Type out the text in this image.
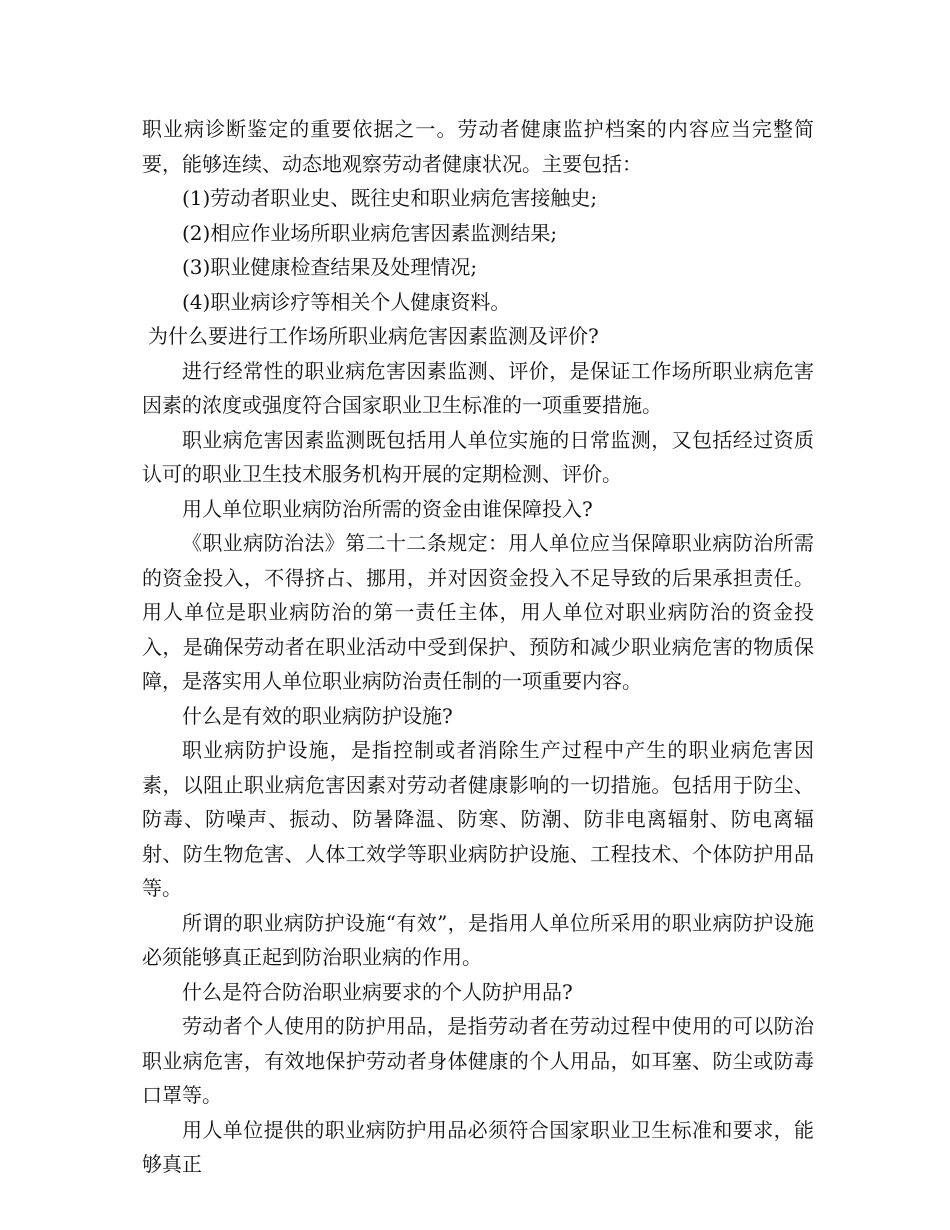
职业病诊断鉴定的重要依据之一。劳动者健康监护档案的内容应当完整简要，能够连续、动态地观察劳动者健康状况。主要包括：

(1)劳动者职业史、既往史和职业病危害接触史;

(2)相应作业场所职业病危害因素监测结果;

(3)职业健康检查结果及处理情况;

(4)职业病诊疗等相关个人健康资料。

为什么要进行工作场所职业病危害因素监测及评价?

进行经常性的职业病危害因素监测、评价，是保证工作场所职业病危害因素的浓度或强度符合国家职业卫生标准的一项重要措施。

职业病危害因素监测既包括用人单位实施的日常监测，又包括经过资质认可的职业卫生技术服务机构开展的定期检测、评价。

用人单位职业病防治所需的资金由谁保障投入?

《职业病防治法》第二十二条规定：用人单位应当保障职业病防治所需的资金投入，不得挤占、挪用，并对因资金投入不足导致的后果承担责任。用人单位是职业病防治的第一责任主体，用人单位对职业病防治的资金投入，是确保劳动者在职业活动中受到保护、预防和减少职业病危害的物质保障，是落实用人单位职业病防治责任制的一项重要内容。

什么是有效的职业病防护设施?

职业病防护设施，是指控制或者消除生产过程中产生的职业病危害因素，以阻止职业病危害因素对劳动者健康影响的一切措施。包括用于防尘、防毒、防噪声、振动、防暑降温、防寒、防潮、防非电离辐射、防电离辐射、防生物危害、人体工效学等职业病防护设施、工程技术、个体防护用品等。

所谓的职业病防护设施“有效”，是指用人单位所采用的职业病防护设施必须能够真正起到防治职业病的作用。

什么是符合防治职业病要求的个人防护用品?

劳动者个人使用的防护用品，是指劳动者在劳动过程中使用的可以防治职业病危害，有效地保护劳动者身体健康的个人用品，如耳塞、防尘或防毒口罩等。

用人单位提供的职业病防护用品必须符合国家职业卫生标准和要求，能够真正
